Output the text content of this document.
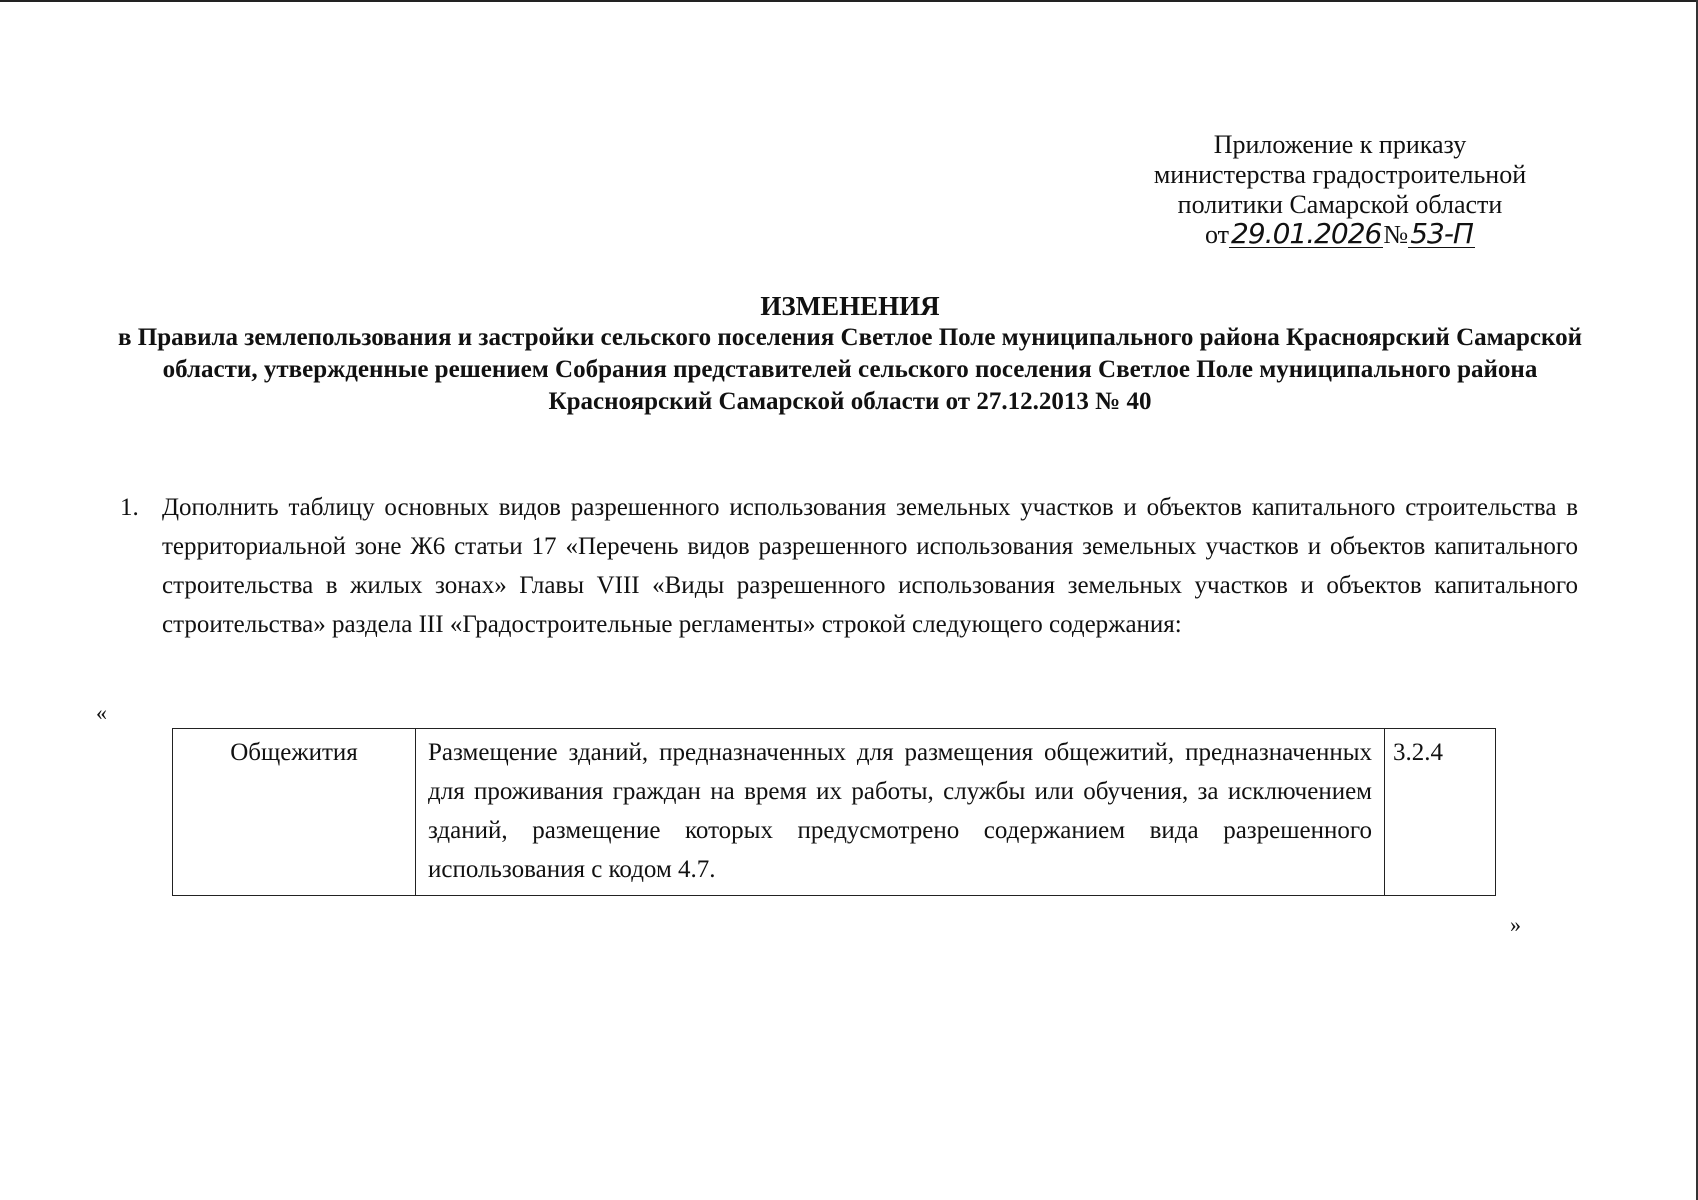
Приложение к приказу
министерства градостроительной
политики Самарской области
от29.01.2026№53-П
ИЗМЕНЕНИЯ
в Правила землепользования и застройки сельского поселения Светлое Поле муниципального района Красноярский Самарской области, утвержденные решением Собрания представителей сельского поселения Светлое Поле муниципального района Красноярский Самарской области от 27.12.2013 № 40
1. Дополнить таблицу основных видов разрешенного использования земельных участков и объектов капитального строительства в территориальной зоне Ж6 статьи 17 «Перечень видов разрешенного использования земельных участков и объектов капитального строительства в жилых зонах» Главы VIII «Виды разрешенного использования земельных участков и объектов капитального строительства» раздела III «Градостроительные регламенты» строкой следующего содержания:
«
Общежития	Размещение зданий, предназначенных для размещения общежитий, предназначенных для проживания граждан на время их работы, службы или обучения, за исключением зданий, размещение которых предусмотрено содержанием вида разрешенного использования с кодом 4.7.	3.2.4
»
